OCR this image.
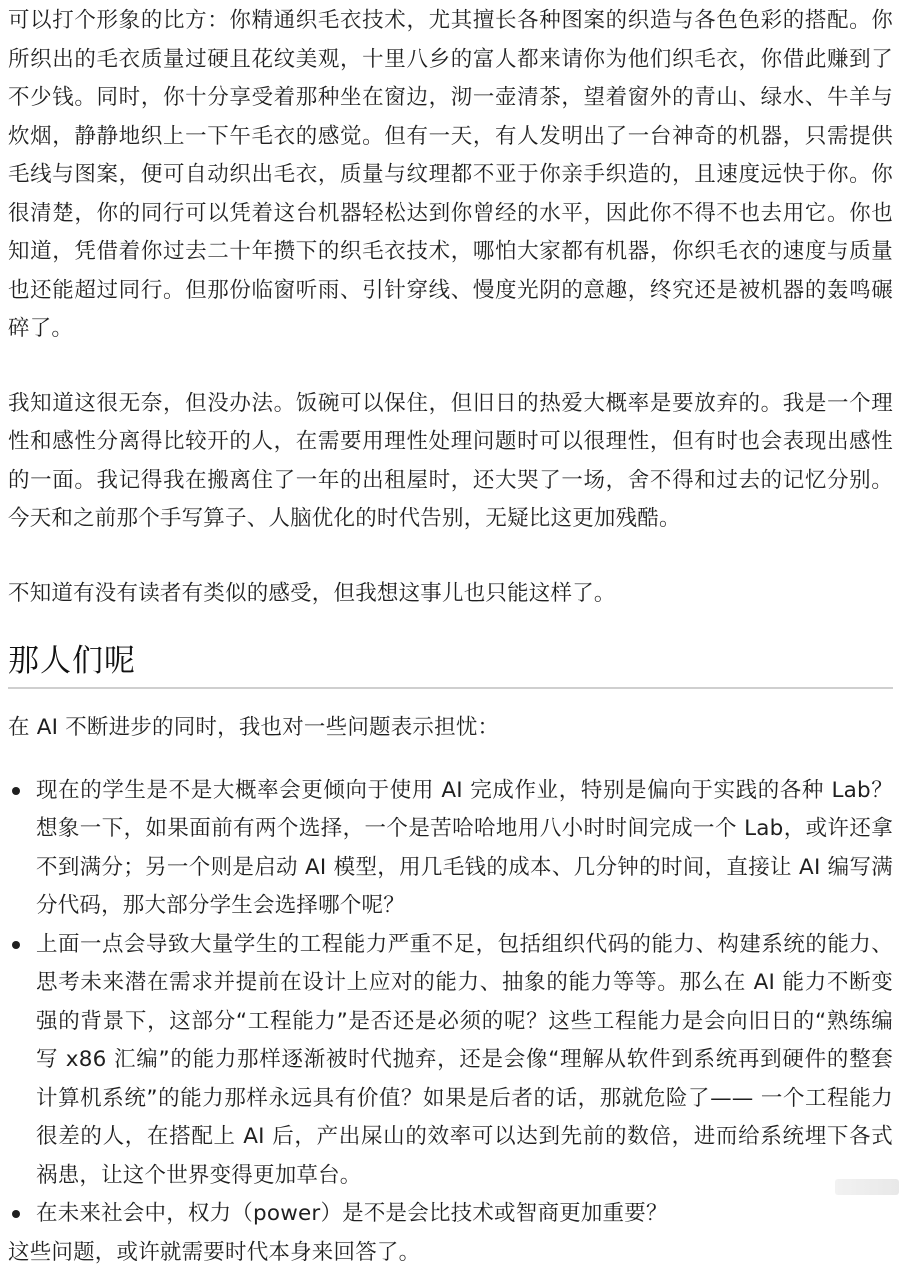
可以打个形象的比方：你精通织毛衣技术，尤其擅长各种图案的织造与各色色彩的搭配。你所织出的毛衣质量过硬且花纹美观，十里八乡的富人都来请你为他们织毛衣，你借此赚到了不少钱。同时，你十分享受着那种坐在窗边，沏一壶清茶，望着窗外的青山、绿水、牛羊与炊烟，静静地织上一下午毛衣的感觉。但有一天，有人发明出了一台神奇的机器，只需提供毛线与图案，便可自动织出毛衣，质量与纹理都不亚于你亲手织造的，且速度远快于你。你很清楚，你的同行可以凭着这台机器轻松达到你曾经的水平，因此你不得不也去用它。你也知道，凭借着你过去二十年攒下的织毛衣技术，哪怕大家都有机器，你织毛衣的速度与质量也还能超过同行。但那份临窗听雨、引针穿线、慢度光阴的意趣，终究还是被机器的轰鸣碾碎了。

我知道这很无奈，但没办法。饭碗可以保住，但旧日的热爱大概率是要放弃的。我是一个理性和感性分离得比较开的人，在需要用理性处理问题时可以很理性，但有时也会表现出感性的一面。我记得我在搬离住了一年的出租屋时，还大哭了一场，舍不得和过去的记忆分别。今天和之前那个手写算子、人脑优化的时代告别，无疑比这更加残酷。

不知道有没有读者有类似的感受，但我想这事儿也只能这样了。

那人们呢

在 AI 不断进步的同时，我也对一些问题表示担忧：

现在的学生是不是大概率会更倾向于使用 AI 完成作业，特别是偏向于实践的各种 Lab？想象一下，如果面前有两个选择，一个是苦哈哈地用八小时时间完成一个 Lab，或许还拿不到满分；另一个则是启动 AI 模型，用几毛钱的成本、几分钟的时间，直接让 AI 编写满分代码，那大部分学生会选择哪个呢？
上面一点会导致大量学生的工程能力严重不足，包括组织代码的能力、构建系统的能力、思考未来潜在需求并提前在设计上应对的能力、抽象的能力等等。那么在 AI 能力不断变强的背景下，这部分“工程能力”是否还是必须的呢？这些工程能力是会向旧日的“熟练编写 x86 汇编”的能力那样逐渐被时代抛弃，还是会像“理解从软件到系统再到硬件的整套计算机系统”的能力那样永远具有价值？如果是后者的话，那就危险了—— 一个工程能力很差的人，在搭配上 AI 后，产出屎山的效率可以达到先前的数倍，进而给系统埋下各式祸患，让这个世界变得更加草台。
在未来社会中，权力（power）是不是会比技术或智商更加重要？

这些问题，或许就需要时代本身来回答了。
